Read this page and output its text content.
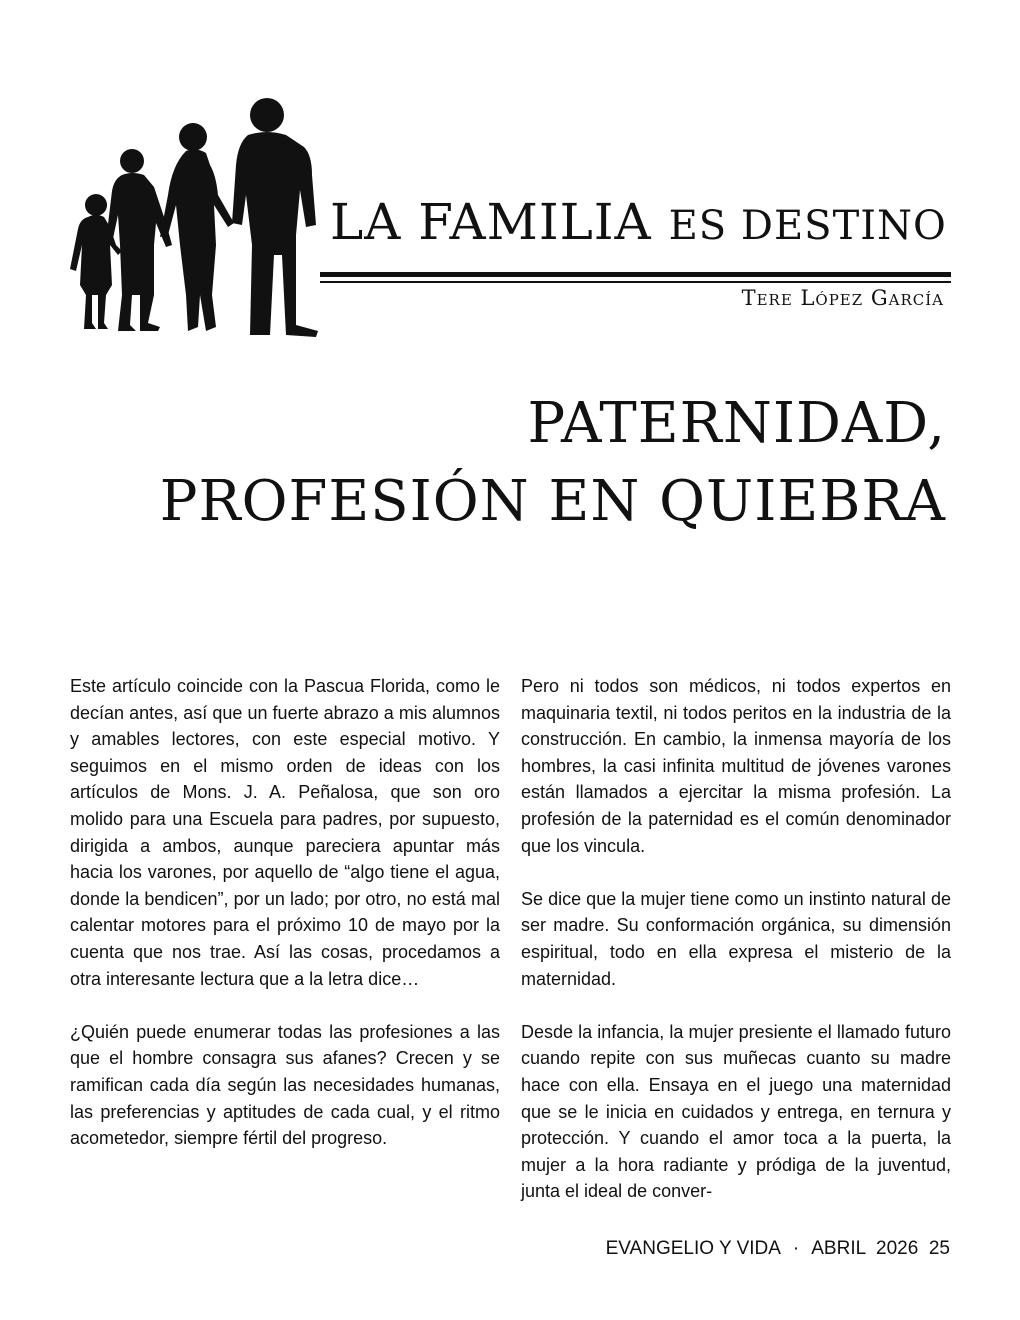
LA FAMILIA ES DESTINO
Tere López García
PATERNIDAD,
PROFESIÓN EN QUIEBRA

Este artículo coincide con la Pascua Florida, como le decían antes, así que un fuerte abrazo a mis alumnos y amables lectores, con este especial motivo. Y seguimos en el mismo orden de ideas con los artículos de Mons. J. A. Peñalosa, que son oro molido para una Escuela para padres, por supuesto, dirigida a ambos, aunque pareciera apuntar más hacia los varones, por aquello de “algo tiene el agua, donde la bendicen”, por un lado; por otro, no está mal calentar motores para el próximo 10 de mayo por la cuenta que nos trae. Así las cosas, procedamos a otra interesante lectura que a la letra dice…

¿Quién puede enumerar todas las profesiones a las que el hombre consagra sus afanes? Crecen y se ramifican cada día según las necesidades humanas, las preferencias y aptitudes de cada cual, y el ritmo acometedor, siempre fértil del progreso.

Pero ni todos son médicos, ni todos expertos en maquinaria textil, ni todos peritos en la industria de la construcción. En cambio, la inmensa mayoría de los hombres, la casi infinita multitud de jóvenes varones están llamados a ejercitar la misma profesión. La profesión de la paternidad es el común denominador que los vincula.

Se dice que la mujer tiene como un instinto natural de ser madre. Su conformación orgánica, su dimensión espiritual, todo en ella expresa el misterio de la maternidad.

Desde la infancia, la mujer presiente el llamado futuro cuando repite con sus muñecas cuanto su madre hace con ella. Ensaya en el juego una maternidad que se le inicia en cuidados y entrega, en ternura y protección. Y cuando el amor toca a la puerta, la mujer a la hora radiante y pródiga de la juventud, junta el ideal de conver-

EVANGELIO Y VIDA · ABRIL  2026 25
